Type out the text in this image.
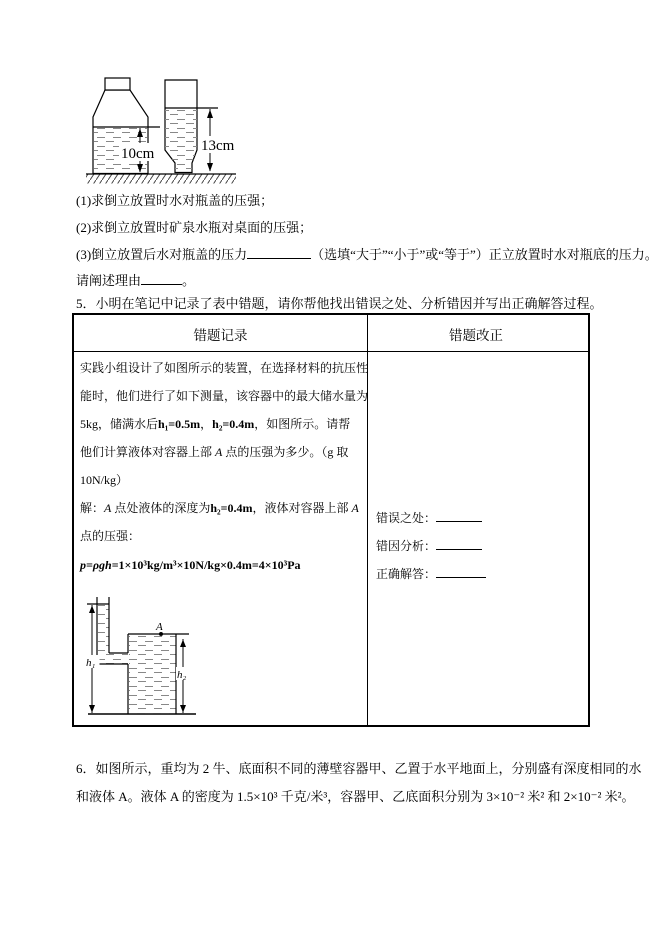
10cm	13cm
(1)求倒立放置时水对瓶盖的压强；
(2)求倒立放置时矿泉水瓶对桌面的压强；
(3)倒立放置后水对瓶盖的压力	（选填“大于”“小于”或“等于”）正立放置时水对瓶底的压力。
请阐述理由	。
5．小明在笔记中记录了表中错题，请你帮他找出错误之处、分析错因并写出正确解答过程。
错题记录	错题改正
实践小组设计了如图所示的装置，在选择材料的抗压性
能时，他们进行了如下测量，该容器中的最大储水量为
5kg，储满水后h₁=0.5m，h₂=0.4m，如图所示。请帮
他们计算液体对容器上部 A 点的压强为多少。（g 取
10N/kg）
解：A 点处液体的深度为h₂=0.4m，液体对容器上部 A
点的压强：
p=ρgh=1×10³kg/m³×10N/kg×0.4m=4×10³Pa
A
h₁
h₂
错误之处：
错因分析：
正确解答：
6．如图所示，重均为 2 牛、底面积不同的薄壁容器甲、乙置于水平地面上，分别盛有深度相同的水
和液体 A。液体 A 的密度为 1.5×10³ 千克/米³，容器甲、乙底面积分别为 3×10⁻² 米² 和 2×10⁻² 米²。
